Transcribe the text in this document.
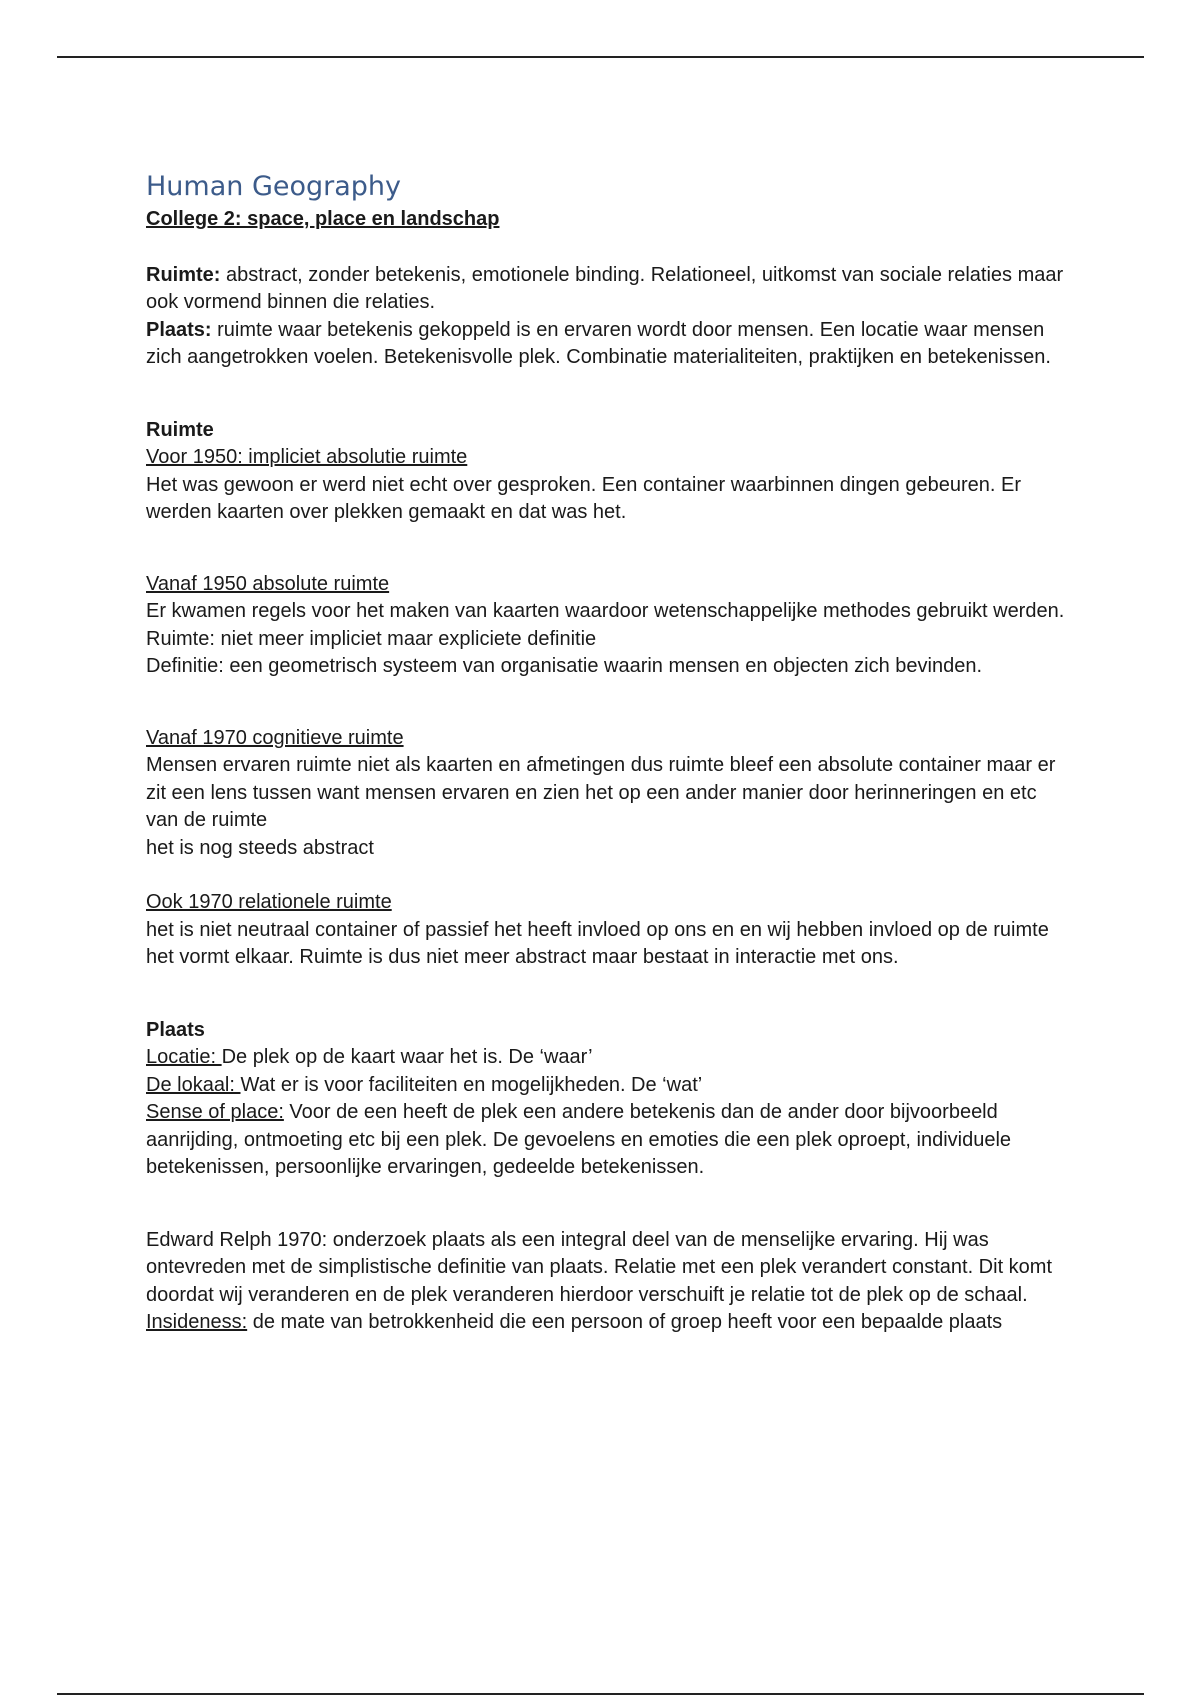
Human Geography

College 2: space, place en landschap

Ruimte: abstract, zonder betekenis, emotionele binding. Relationeel, uitkomst van sociale relaties maar ook vormend binnen die relaties.

Plaats: ruimte waar betekenis gekoppeld is en ervaren wordt door mensen. Een locatie waar mensen zich aangetrokken voelen. Betekenisvolle plek. Combinatie materialiteiten, praktijken en betekenissen.

Ruimte

Voor 1950: impliciet absolutie ruimte

Het was gewoon er werd niet echt over gesproken. Een container waarbinnen dingen gebeuren. Er werden kaarten over plekken gemaakt en dat was het.

Vanaf 1950 absolute ruimte

Er kwamen regels voor het maken van kaarten waardoor wetenschappelijke methodes gebruikt werden.

Ruimte: niet meer impliciet maar expliciete definitie

Definitie: een geometrisch systeem van organisatie waarin mensen en objecten zich bevinden.

Vanaf 1970 cognitieve ruimte

Mensen ervaren ruimte niet als kaarten en afmetingen dus ruimte bleef een absolute container maar er zit een lens tussen want mensen ervaren en zien het op een ander manier door herinneringen en etc van de ruimte

het is nog steeds abstract

Ook 1970 relationele ruimte

het is niet neutraal container of passief het heeft invloed op ons en en wij hebben invloed op de ruimte het vormt elkaar. Ruimte is dus niet meer abstract maar bestaat in interactie met ons.

Plaats

Locatie: De plek op de kaart waar het is. De ‘waar’

De lokaal: Wat er is voor faciliteiten en mogelijkheden. De ‘wat’

Sense of place: Voor de een heeft de plek een andere betekenis dan de ander door bijvoorbeeld aanrijding, ontmoeting etc bij een plek. De gevoelens en emoties die een plek oproept, individuele betekenissen, persoonlijke ervaringen, gedeelde betekenissen.

Edward Relph 1970: onderzoek plaats als een integral deel van de menselijke ervaring. Hij was ontevreden met de simplistische definitie van plaats. Relatie met een plek verandert constant. Dit komt doordat wij veranderen en de plek veranderen hierdoor verschuift je relatie tot de plek op de schaal.

Insideness: de mate van betrokkenheid die een persoon of groep heeft voor een bepaalde plaats
